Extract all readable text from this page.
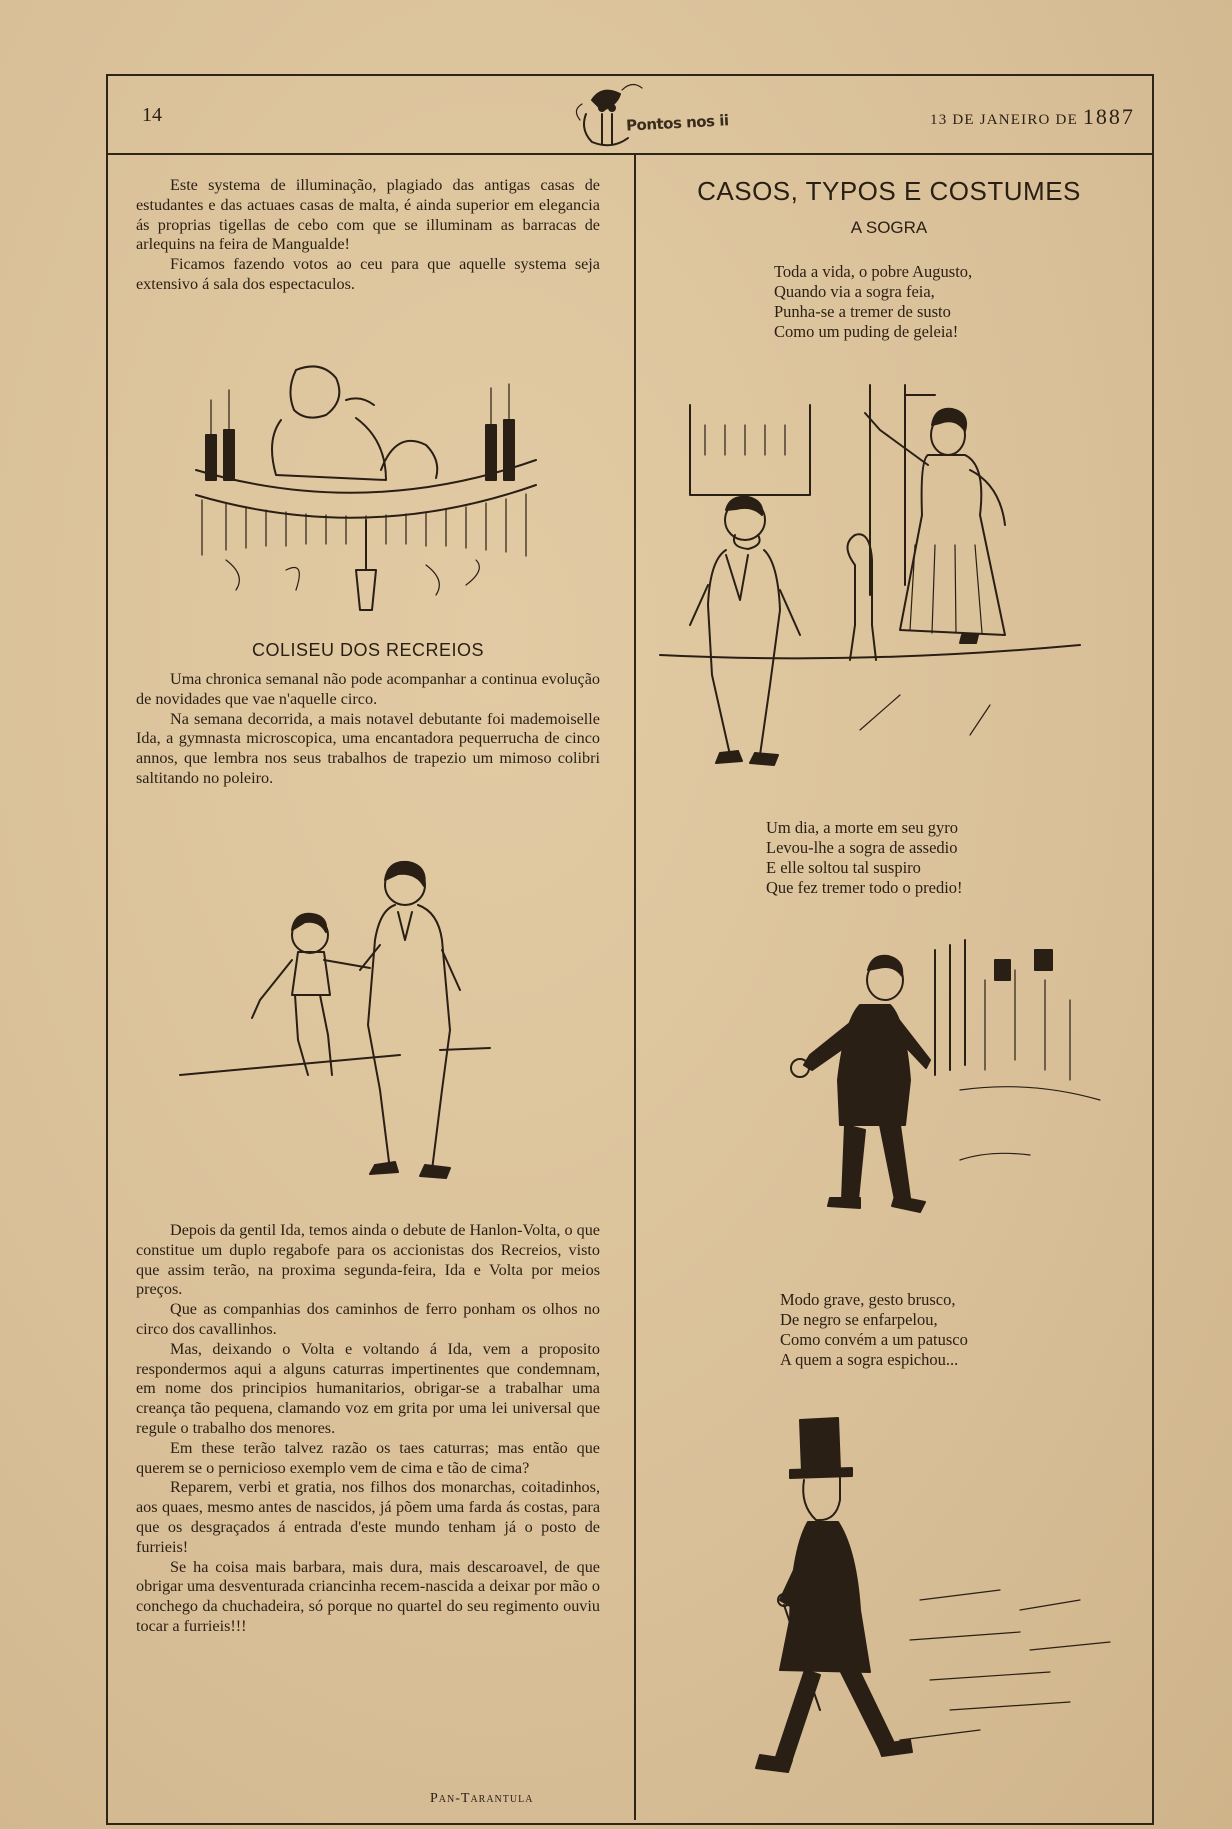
14	Pontos nos ii	13 DE JANEIRO DE 1887

Este systema de illuminação, plagiado das antigas casas de estudantes e das actuaes casas de malta, é ainda superior em elegancia ás proprias tigellas de cebo com que se illuminam as barracas de arlequins na feira de Mangualde!

Ficamos fazendo votos ao ceu para que aquelle systema seja extensivo á sala dos espectaculos.

COLISEU DOS RECREIOS

Uma chronica semanal não pode acompanhar a continua evolução de novidades que vae n'aquelle circo.

Na semana decorrida, a mais notavel debutante foi mademoiselle Ida, a gymnasta microscopica, uma encantadora pequerrucha de cinco annos, que lembra nos seus trabalhos de trapezio um mimoso colibri saltitando no poleiro.

Depois da gentil Ida, temos ainda o debute de Hanlon-Volta, o que constitue um duplo regabofe para os accionistas dos Recreios, visto que assim terão, na proxima segunda-feira, Ida e Volta por meios preços.

Que as companhias dos caminhos de ferro ponham os olhos no circo dos cavallinhos.

Mas, deixando o Volta e voltando á Ida, vem a proposito respondermos aqui a alguns caturras impertinentes que condemnam, em nome dos principios humanitarios, obrigar-se a trabalhar uma creança tão pequena, clamando voz em grita por uma lei universal que regule o trabalho dos menores.

Em these terão talvez razão os taes caturras; mas então que querem se o pernicioso exemplo vem de cima e tão de cima?

Reparem, verbi et gratia, nos filhos dos monarchas, coitadinhos, aos quaes, mesmo antes de nascidos, já põem uma farda ás costas, para que os desgraçados á entrada d'este mundo tenham já o posto de furrieis!

Se ha coisa mais barbara, mais dura, mais descaroavel, de que obrigar uma desventurada criancinha recem-nascida a deixar por mão o conchego da chuchadeira, só porque no quartel do seu regimento ouviu tocar a furrieis!!!

Pan-Tarantula
CASOS, TYPOS E COSTUMES
A SOGRA
Toda a vida, o pobre Augusto,
Quando via a sogra feia,
Punha-se a tremer de susto
Como um puding de geleia!
Um dia, a morte em seu gyro
Levou-lhe a sogra de assedio
E elle soltou tal suspiro
Que fez tremer todo o predio!
Modo grave, gesto brusco,
De negro se enfarpelou,
Como convém a um patusco
A quem a sogra espichou...
